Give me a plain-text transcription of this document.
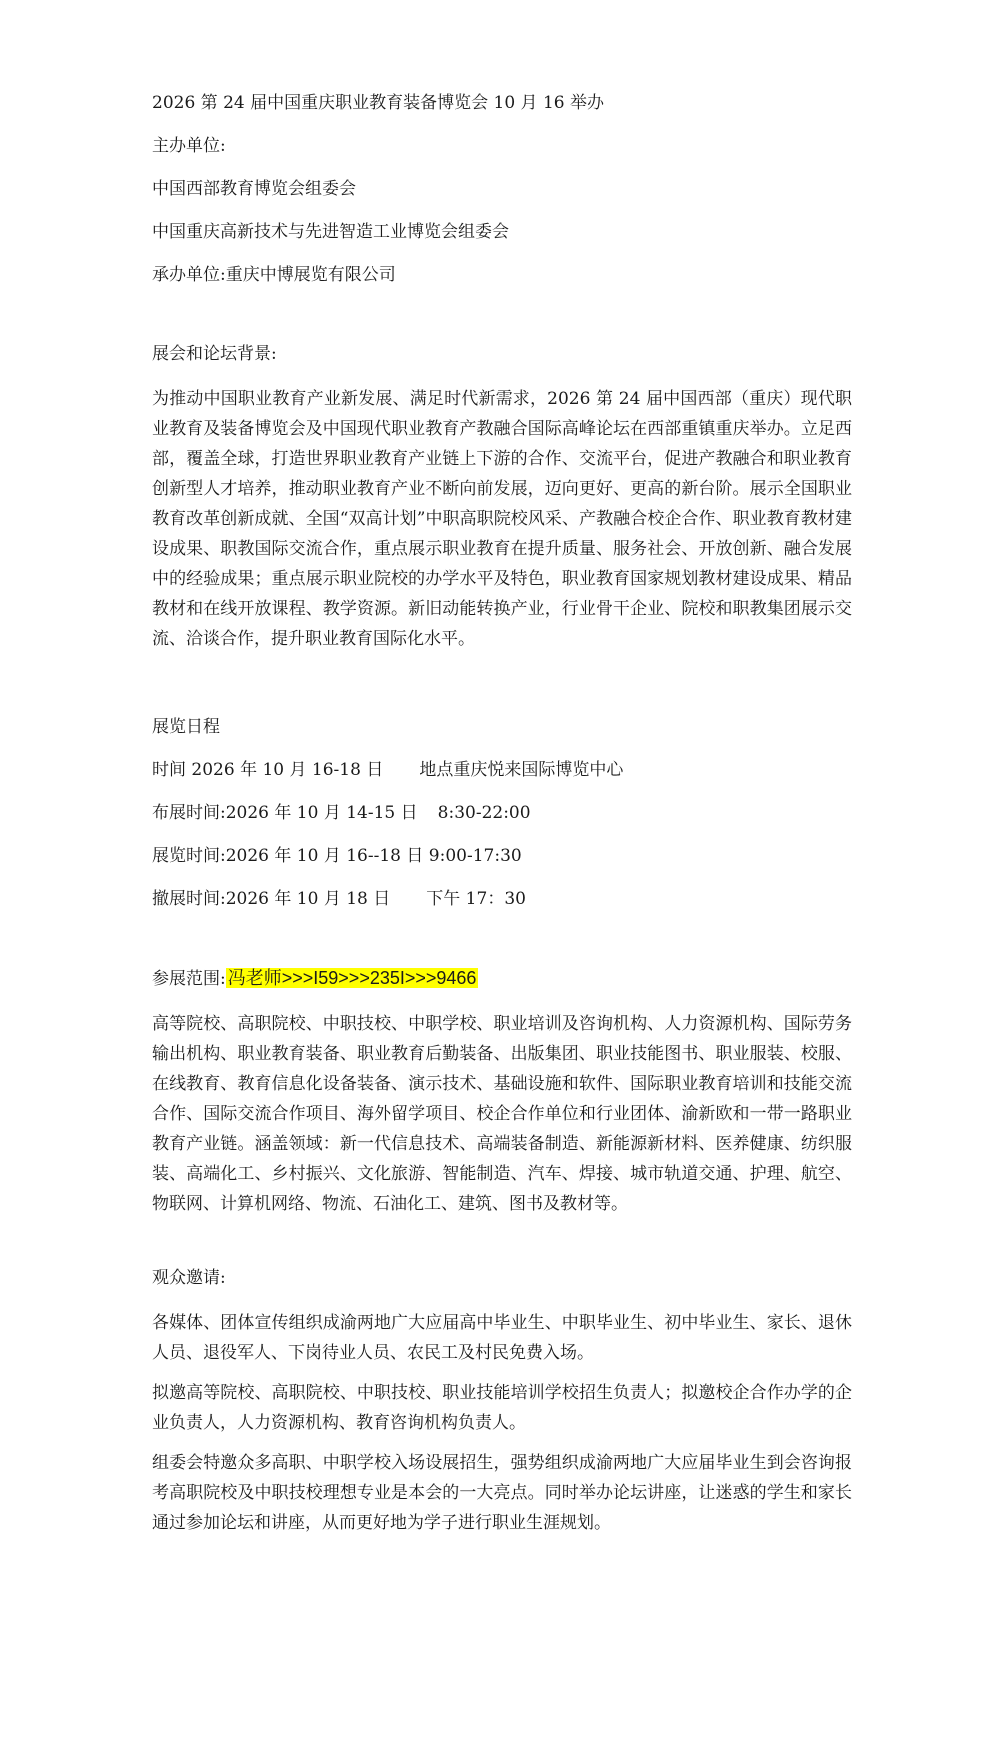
2026 第 24 届中国重庆职业教育装备博览会 10 月 16 举办
主办单位:
中国西部教育博览会组委会
中国重庆高新技术与先进智造工业博览会组委会
承办单位:重庆中博展览有限公司
展会和论坛背景:

为推动中国职业教育产业新发展、满足时代新需求，2026 第 24 届中国西部（重庆）现代职业教育及装备博览会及中国现代职业教育产教融合国际高峰论坛在西部重镇重庆举办。立足西部，覆盖全球，打造世界职业教育产业链上下游的合作、交流平台，促进产教融合和职业教育创新型人才培养，推动职业教育产业不断向前发展，迈向更好、更高的新台阶。展示全国职业教育改革创新成就、全国“双高计划”中职高职院校风采、产教融合校企合作、职业教育教材建设成果、职教国际交流合作，重点展示职业教育在提升质量、服务社会、开放创新、融合发展中的经验成果；重点展示职业院校的办学水平及特色，职业教育国家规划教材建设成果、精品教材和在线开放课程、教学资源。新旧动能转换产业，行业骨干企业、院校和职教集团展示交流、洽谈合作，提升职业教育国际化水平。

展览日程
时间 2026 年 10 月 16-18 日 地点重庆悦来国际博览中心
布展时间:2026 年 10 月 14-15 日 8:30-22:00
展览时间:2026 年 10 月 16--18 日 9:00-17:30
撤展时间:2026 年 10 月 18 日 下午 17：30
参展范围: 冯老师>>>I59>>>235I>>>9466

高等院校、高职院校、中职技校、中职学校、职业培训及咨询机构、人力资源机构、国际劳务输出机构、职业教育装备、职业教育后勤装备、出版集团、职业技能图书、职业服装、校服、在线教育、教育信息化设备装备、演示技术、基础设施和软件、国际职业教育培训和技能交流合作、国际交流合作项目、海外留学项目、校企合作单位和行业团体、渝新欧和一带一路职业教育产业链。涵盖领域：新一代信息技术、高端装备制造、新能源新材料、医养健康、纺织服装、高端化工、乡村振兴、文化旅游、智能制造、汽车、焊接、城市轨道交通、护理、航空、物联网、计算机网络、物流、石油化工、建筑、图书及教材等。

观众邀请:

各媒体、团体宣传组织成渝两地广大应届高中毕业生、中职毕业生、初中毕业生、家长、退休人员、退役军人、下岗待业人员、农民工及村民免费入场。

拟邀高等院校、高职院校、中职技校、职业技能培训学校招生负责人；拟邀校企合作办学的企业负责人，人力资源机构、教育咨询机构负责人。

组委会特邀众多高职、中职学校入场设展招生，强势组织成渝两地广大应届毕业生到会咨询报考高职院校及中职技校理想专业是本会的一大亮点。同时举办论坛讲座，让迷惑的学生和家长通过参加论坛和讲座，从而更好地为学子进行职业生涯规划。
